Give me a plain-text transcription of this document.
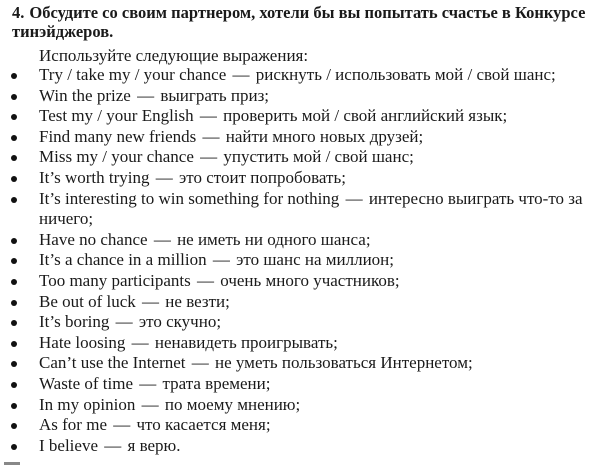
4. Обсудите со своим партнером, хотели бы вы попытать счастье в Конкурсе тинэйджеров.
Используйте следующие выражения:
Try / take my / your chance — рискнуть / использовать мой / свой шанс;
Win the prize — выиграть приз;
Test my / your English — проверить мой / свой английский язык;
Find many new friends — найти много новых друзей;
Miss my / your chance — упустить мой / свой шанс;
It’s worth trying — это стоит попробовать;
It’s interesting to win something for nothing — интересно выиграть что-то за ничего;
Have no chance — не иметь ни одного шанса;
It’s a chance in a million — это шанс на миллион;
Too many participants — очень много участников;
Be out of luck — не везти;
It’s boring — это скучно;
Hate loosing — ненавидеть проигрывать;
Can’t use the Internet — не уметь пользоваться Интернетом;
Waste of time — трата времени;
In my opinion — по моему мнению;
As for me — что касается меня;
I believe — я верю.
